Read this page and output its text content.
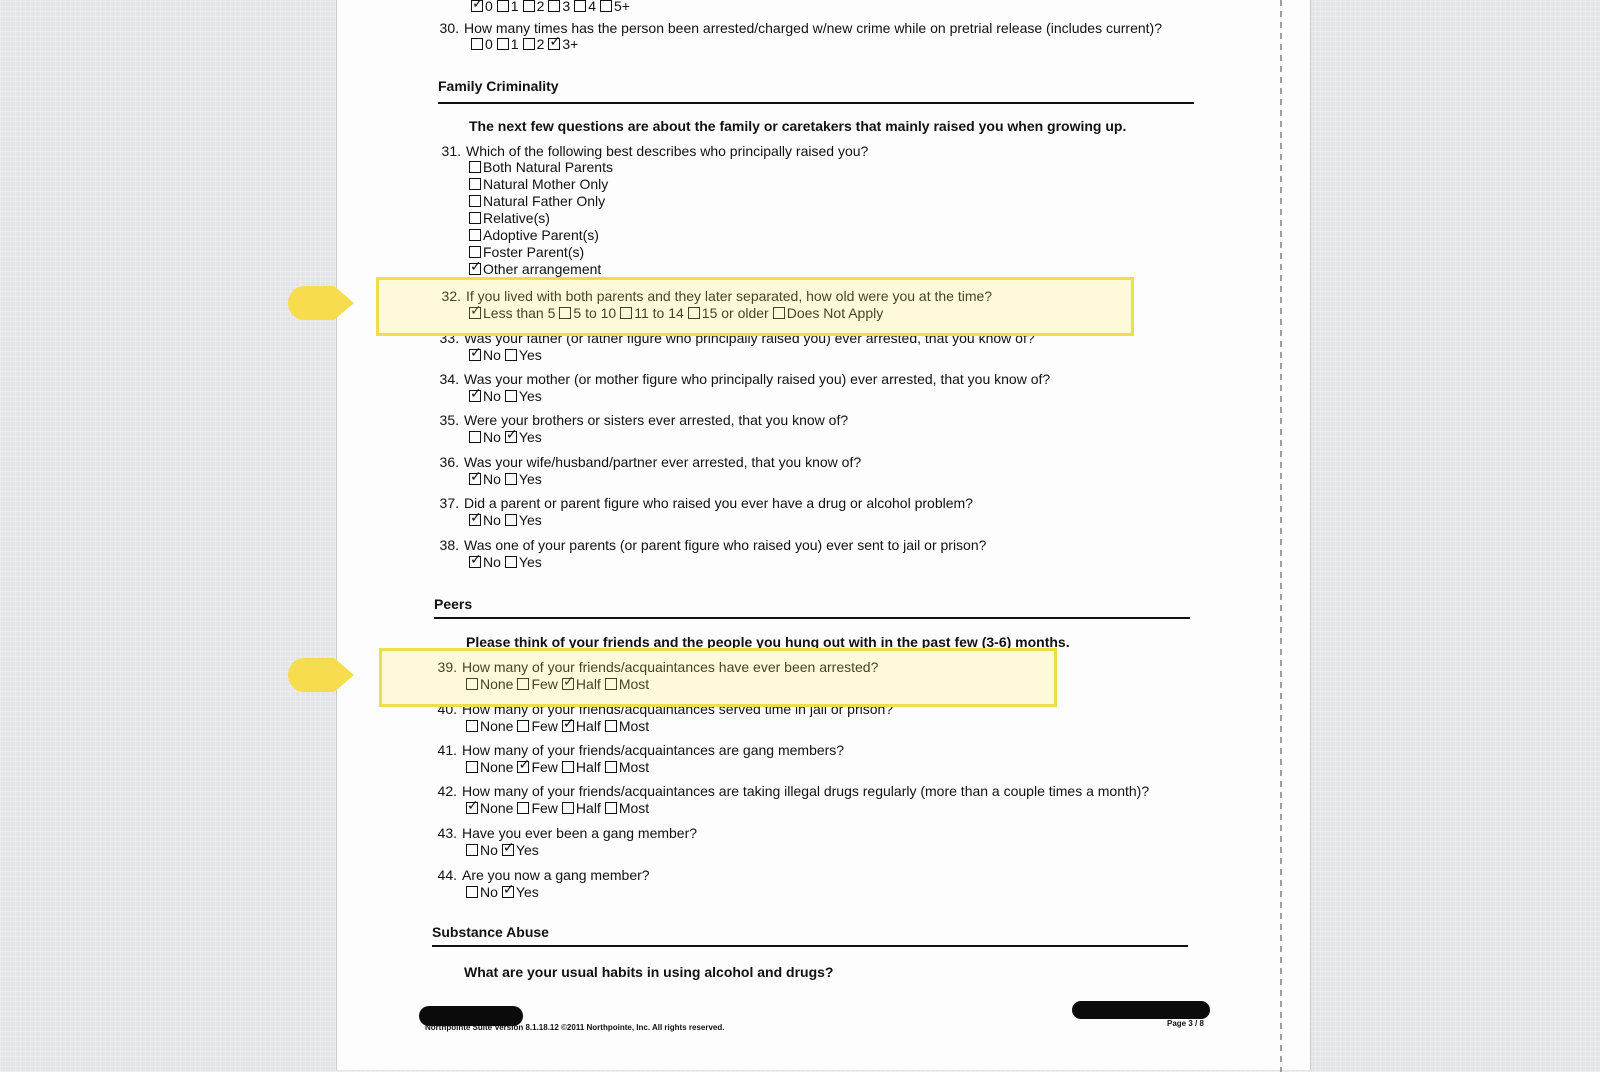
✓
0 1 2 3 4 5+
30. How many times has the person been arrested/charged w/new crime while on pretrial release (includes current)?
0 1 2 ✓ 3+
Family Criminality
The next few questions are about the family or caretakers that mainly raised you when growing up.
31. Which of the following best describes who principally raised you?
Both Natural Parents
Natural Mother Only
Natural Father Only
Relative(s)
Adoptive Parent(s)
Foster Parent(s)
✓
Other arrangement
32. If you lived with both parents and they later separated, how old were you at the time?
✓
Less than 5 5 to 10 11 to 14 15 or older Does Not Apply
33. Was your father (or father figure who principally raised you) ever arrested, that you know of?
✓
No Yes
34. Was your mother (or mother figure who principally raised you) ever arrested, that you know of?
✓
No Yes
35. Were your brothers or sisters ever arrested, that you know of?
No ✓ Yes
36. Was your wife/husband/partner ever arrested, that you know of?
✓
No Yes
37. Did a parent or parent figure who raised you ever have a drug or alcohol problem?
✓
No Yes
38. Was one of your parents (or parent figure who raised you) ever sent to jail or prison?
✓
No Yes
Peers
Please think of your friends and the people you hung out with in the past few (3-6) months.
39. How many of your friends/acquaintances have ever been arrested?
None Few ✓ Half Most
40. How many of your friends/acquaintances served time in jail or prison?
None Few ✓ Half Most
41. How many of your friends/acquaintances are gang members?
None ✓ Few Half Most
42. How many of your friends/acquaintances are taking illegal drugs regularly (more than a couple times a month)?
✓
None Few Half Most
43. Have you ever been a gang member?
No ✓ Yes
44. Are you now a gang member?
No ✓ Yes
Substance Abuse
What are your usual habits in using alcohol and drugs?
Northpointe Suite Version 8.1.18.12 ©2011 Northpointe, Inc. All rights reserved.	Page 3 / 8
